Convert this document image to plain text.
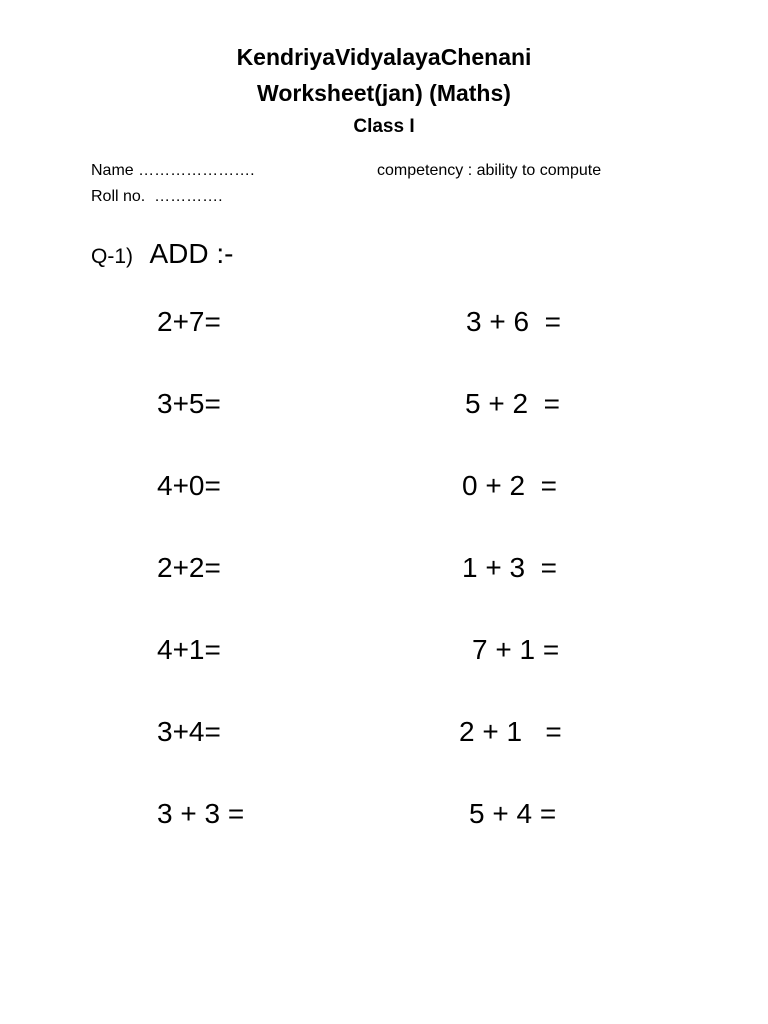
KendriyaVidyalayaChenani
Worksheet(jan) (Maths)
Class I
Name ………………….
Roll no.  ………….
competency : ability to compute
Q-1) ADD :-
2+7=
3+5=
4+0=
2+2=
4+1=
3+4=
3 + 3 =
3 + 6  =
5 + 2  =
0 + 2  =
1 + 3  =
7 + 1 =
2 + 1   =
5 + 4 =
